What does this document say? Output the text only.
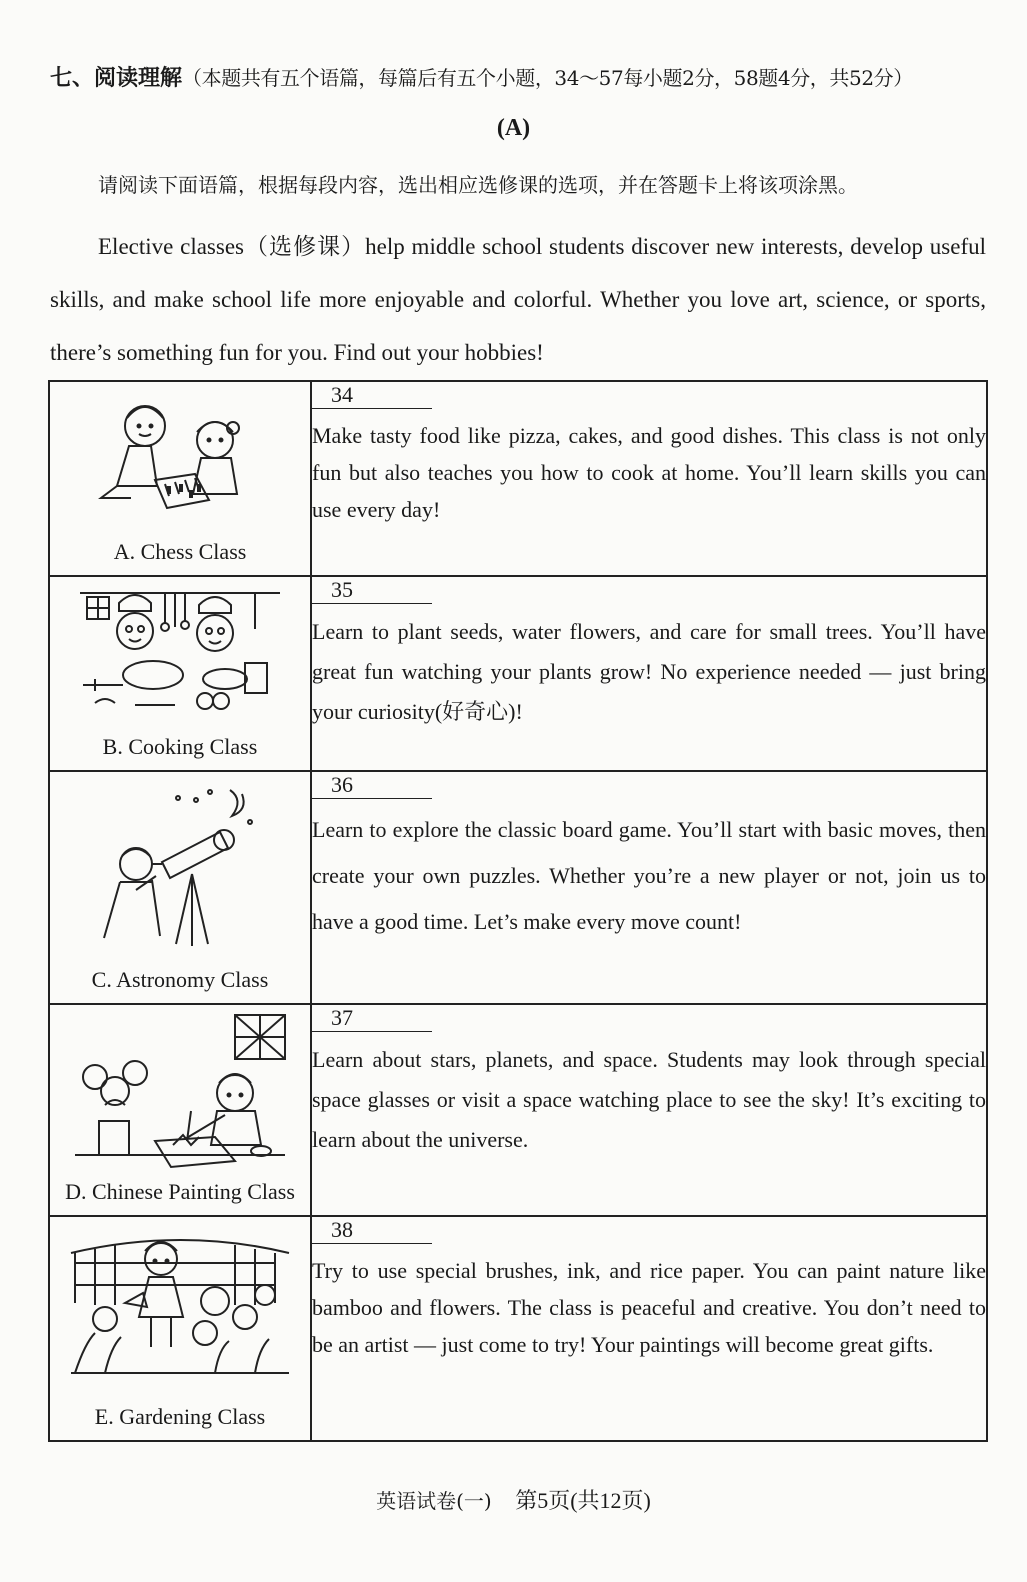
七、阅读理解（本题共有五个语篇，每篇后有五个小题，34～57每小题2分，58题4分，共52分）
(A)
请阅读下面语篇，根据每段内容，选出相应选修课的选项，并在答题卡上将该项涂黑。
Elective classes（选修课）help middle school students discover new interests, develop useful skills, and make school life more enjoyable and colorful. Whether you love art, science, or sports, there’s something fun for you. Find out your hobbies!
A. Chess Class	34
Make tasty food like pizza, cakes, and good dishes. This class is not only fun but also teaches you how to cook at home. You’ll learn skills you can use every day!

B. Cooking Class	35
Learn to plant seeds, water flowers, and care for small trees. You’ll have great fun watching your plants grow! No experience needed — just bring your curiosity(好奇心)!

C. Astronomy Class	36
Learn to explore the classic board game. You’ll start with basic moves, then create your own puzzles. Whether you’re a new player or not, join us to have a good time. Let’s make every move count!

D. Chinese Painting Class	37
Learn about stars, planets, and space. Students may look through special space glasses or visit a space watching place to see the sky! It’s exciting to learn about the universe.

E. Gardening Class	38
Try to use special brushes, ink, and rice paper. You can paint nature like bamboo and flowers. The class is peaceful and creative. You don’t need to be an artist — just come to try! Your paintings will become great gifts.
英语试卷(一) 第5页(共12页)
